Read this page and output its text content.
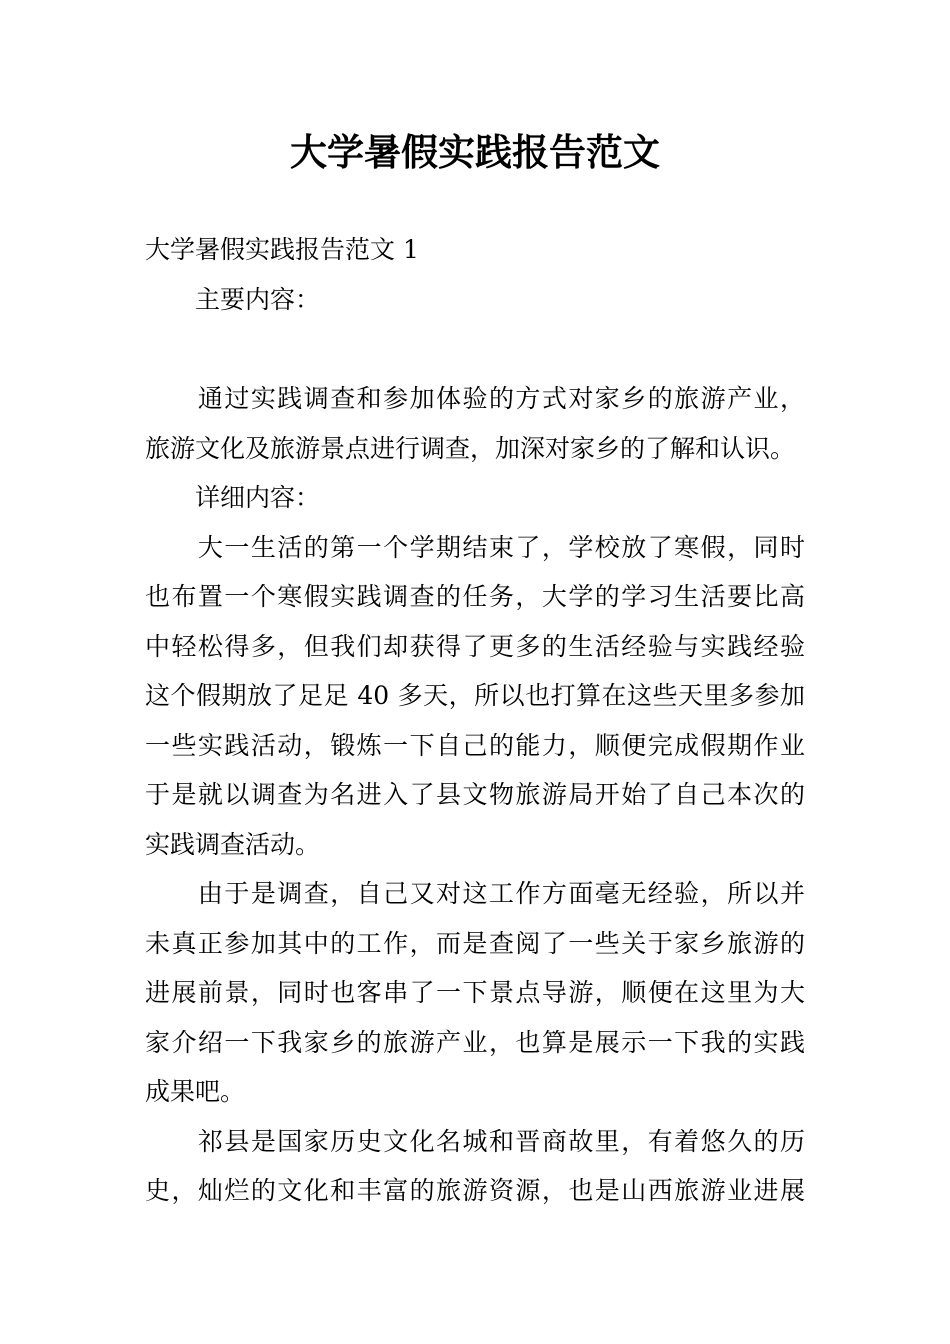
大学暑假实践报告范文
大学暑假实践报告范文 1
主要内容：
　　通过实践调查和参加体验的方式对家乡的旅游产业，
旅游文化及旅游景点进行调查，加深对家乡的了解和认识。
详细内容：
　　大一生活的第一个学期结束了，学校放了寒假，同时
也布置一个寒假实践调查的任务，大学的学习生活要比高
中轻松得多，但我们却获得了更多的生活经验与实践经验
这个假期放了足足 40 多天，所以也打算在这些天里多参加
一些实践活动，锻炼一下自己的能力，顺便完成假期作业
于是就以调查为名进入了县文物旅游局开始了自己本次的
实践调查活动。
　　由于是调查，自己又对这工作方面毫无经验，所以并
未真正参加其中的工作，而是查阅了一些关于家乡旅游的
进展前景，同时也客串了一下景点导游，顺便在这里为大
家介绍一下我家乡的旅游产业，也算是展示一下我的实践
成果吧。
　　祁县是国家历史文化名城和晋商故里，有着悠久的历
史，灿烂的文化和丰富的旅游资源，也是山西旅游业进展
